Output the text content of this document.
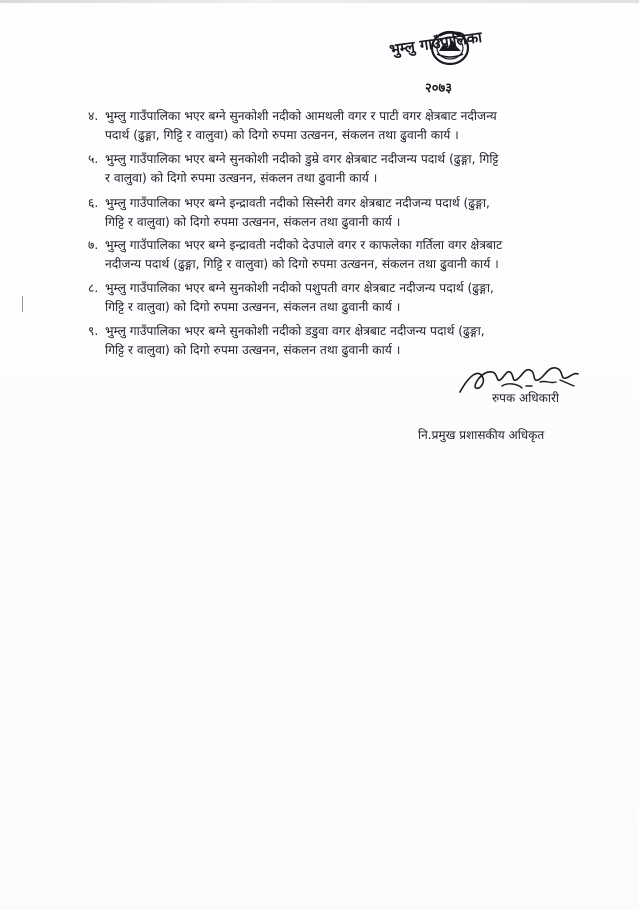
भुम्लु गाउँपालिका
२०७३
४. भुम्लु गाउँपालिका भएर बग्ने सुनकोशी नदीको आमथली वगर र पाटी वगर क्षेत्रबाट नदीजन्य
पदार्थ (ढुङ्गा, गिट्टि र वालुवा) को दिगो रुपमा उत्खनन, संकलन तथा ढुवानी कार्य ।
५. भुम्लु गाउँपालिका भएर बग्ने सुनकोशी नदीको डुम्रे वगर क्षेत्रबाट नदीजन्य पदार्थ (ढुङ्गा, गिट्टि
र वालुवा) को दिगो रुपमा उत्खनन, संकलन तथा ढुवानी कार्य ।
६. भुम्लु गाउँपालिका भएर बग्ने इन्द्रावती नदीको सिस्नेरी वगर क्षेत्रबाट नदीजन्य पदार्थ (ढुङ्गा,
गिट्टि र वालुवा) को दिगो रुपमा उत्खनन, संकलन तथा ढुवानी कार्य ।
७. भुम्लु गाउँपालिका भएर बग्ने इन्द्रावती नदीको देउपाले वगर र काफलेका गर्तिला वगर क्षेत्रबाट
नदीजन्य पदार्थ (ढुङ्गा, गिट्टि र वालुवा) को दिगो रुपमा उत्खनन, संकलन तथा ढुवानी कार्य ।
८. भुम्लु गाउँपालिका भएर बग्ने सुनकोशी नदीको पशुपती वगर क्षेत्रबाट नदीजन्य पदार्थ (ढुङ्गा,
गिट्टि र वालुवा) को दिगो रुपमा उत्खनन, संकलन तथा ढुवानी कार्य ।
९. भुम्लु गाउँपालिका भएर बग्ने सुनकोशी नदीको डडुवा वगर क्षेत्रबाट नदीजन्य पदार्थ (ढुङ्गा,
गिट्टि र वालुवा) को दिगो रुपमा उत्खनन, संकलन तथा ढुवानी कार्य ।
रुपक अधिकारी
नि.प्रमुख प्रशासकीय अधिकृत
